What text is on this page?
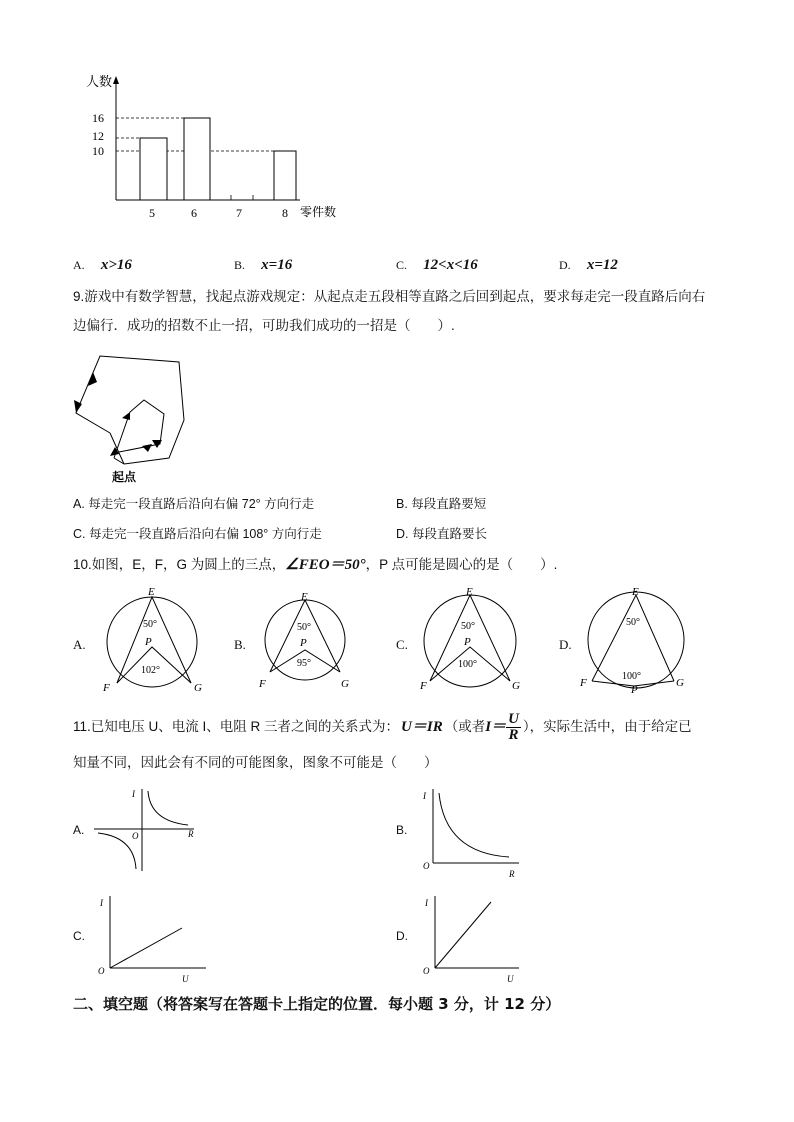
人数
零件数
16
12
10
5	6	7	8
A. x>16	B. x=16	C. 12<x<16	D. x=12
9.游戏中有数学智慧，找起点游戏规定：从起点走五段相等直路之后回到起点，要求每走完一段直路后向右
边偏行．成功的招数不止一招，可助我们成功的一招是（　　）.
起点
A. 每走完一段直路后沿向右偏 72° 方向行走	B. 每段直路要短
C. 每走完一段直路后沿向右偏 108° 方向行走	D. 每段直路要长
10.如图，E，F，G 为圆上的三点，∠FEO＝50°，P 点可能是圆心的是（　　）.
A.
E
P
F	G
50°
102°
B.
E
P
F	G
50°
95°
C.
E
P
F	G
50°
100°
D.
E
P
F	G
50°
100°
11.已知电压 U、电流 I、电阻 R 三者之间的关系式为： U＝IR （或者 $I= \frac{U}{R}$ ），实际生活中，由于给定已
知量不同，因此会有不同的可能图象，图象不可能是（　　）
A.
I
R
O	B.
I
R
O
C.
I
U
O
D.
I
U
O
二、填空题（将答案写在答题卡上指定的位置．每小题 3 分，计 12 分）
